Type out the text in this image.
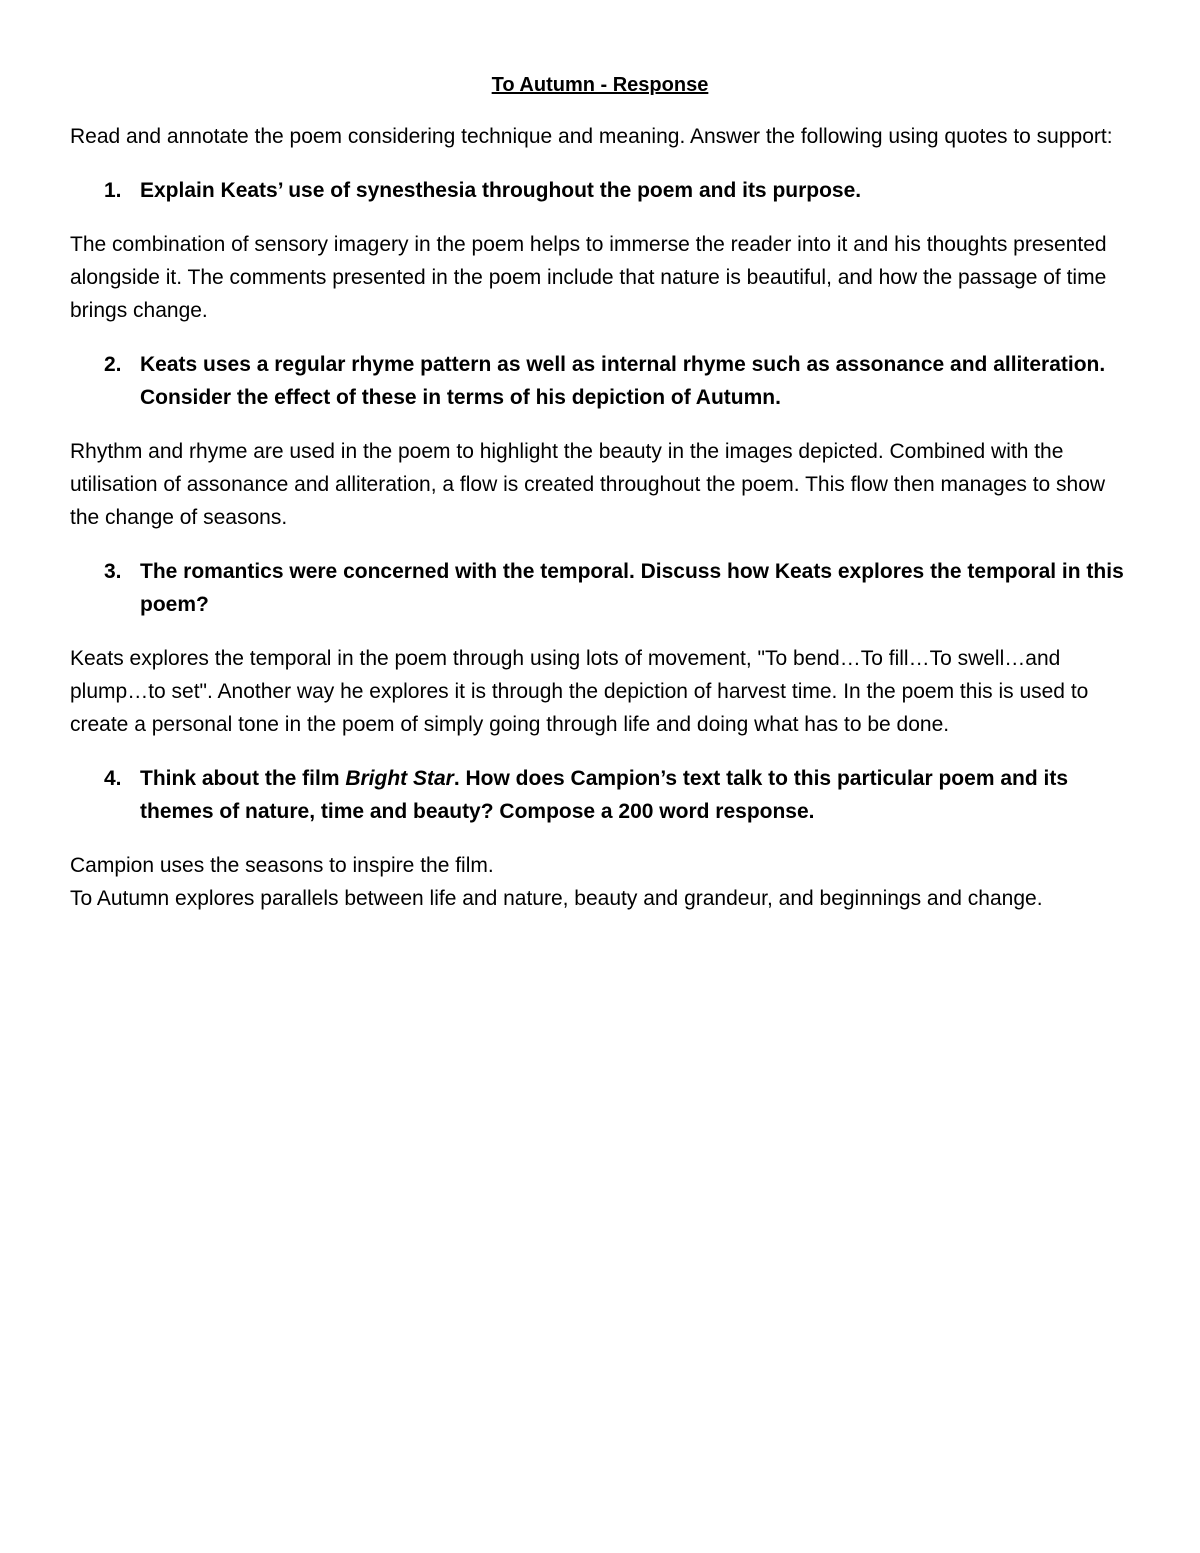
To Autumn - Response

Read and annotate the poem considering technique and meaning. Answer the following using quotes to support:

1. Explain Keats’ use of synesthesia throughout the poem and its purpose.

The combination of sensory imagery in the poem helps to immerse the reader into it and his thoughts presented alongside it. The comments presented in the poem include that nature is beautiful, and how the passage of time brings change.

2. Keats uses a regular rhyme pattern as well as internal rhyme such as assonance and alliteration. Consider the effect of these in terms of his depiction of Autumn.

Rhythm and rhyme are used in the poem to highlight the beauty in the images depicted. Combined with the utilisation of assonance and alliteration, a flow is created throughout the poem. This flow then manages to show the change of seasons.

3. The romantics were concerned with the temporal. Discuss how Keats explores the temporal in this poem?

Keats explores the temporal in the poem through using lots of movement, "To bend…To fill…To swell…and plump…to set". Another way he explores it is through the depiction of harvest time. In the poem this is used to create a personal tone in the poem of simply going through life and doing what has to be done.

4. Think about the film Bright Star. How does Campion’s text talk to this particular poem and its themes of nature, time and beauty? Compose a 200 word response.

Campion uses the seasons to inspire the film.

To Autumn explores parallels between life and nature, beauty and grandeur, and beginnings and change.
